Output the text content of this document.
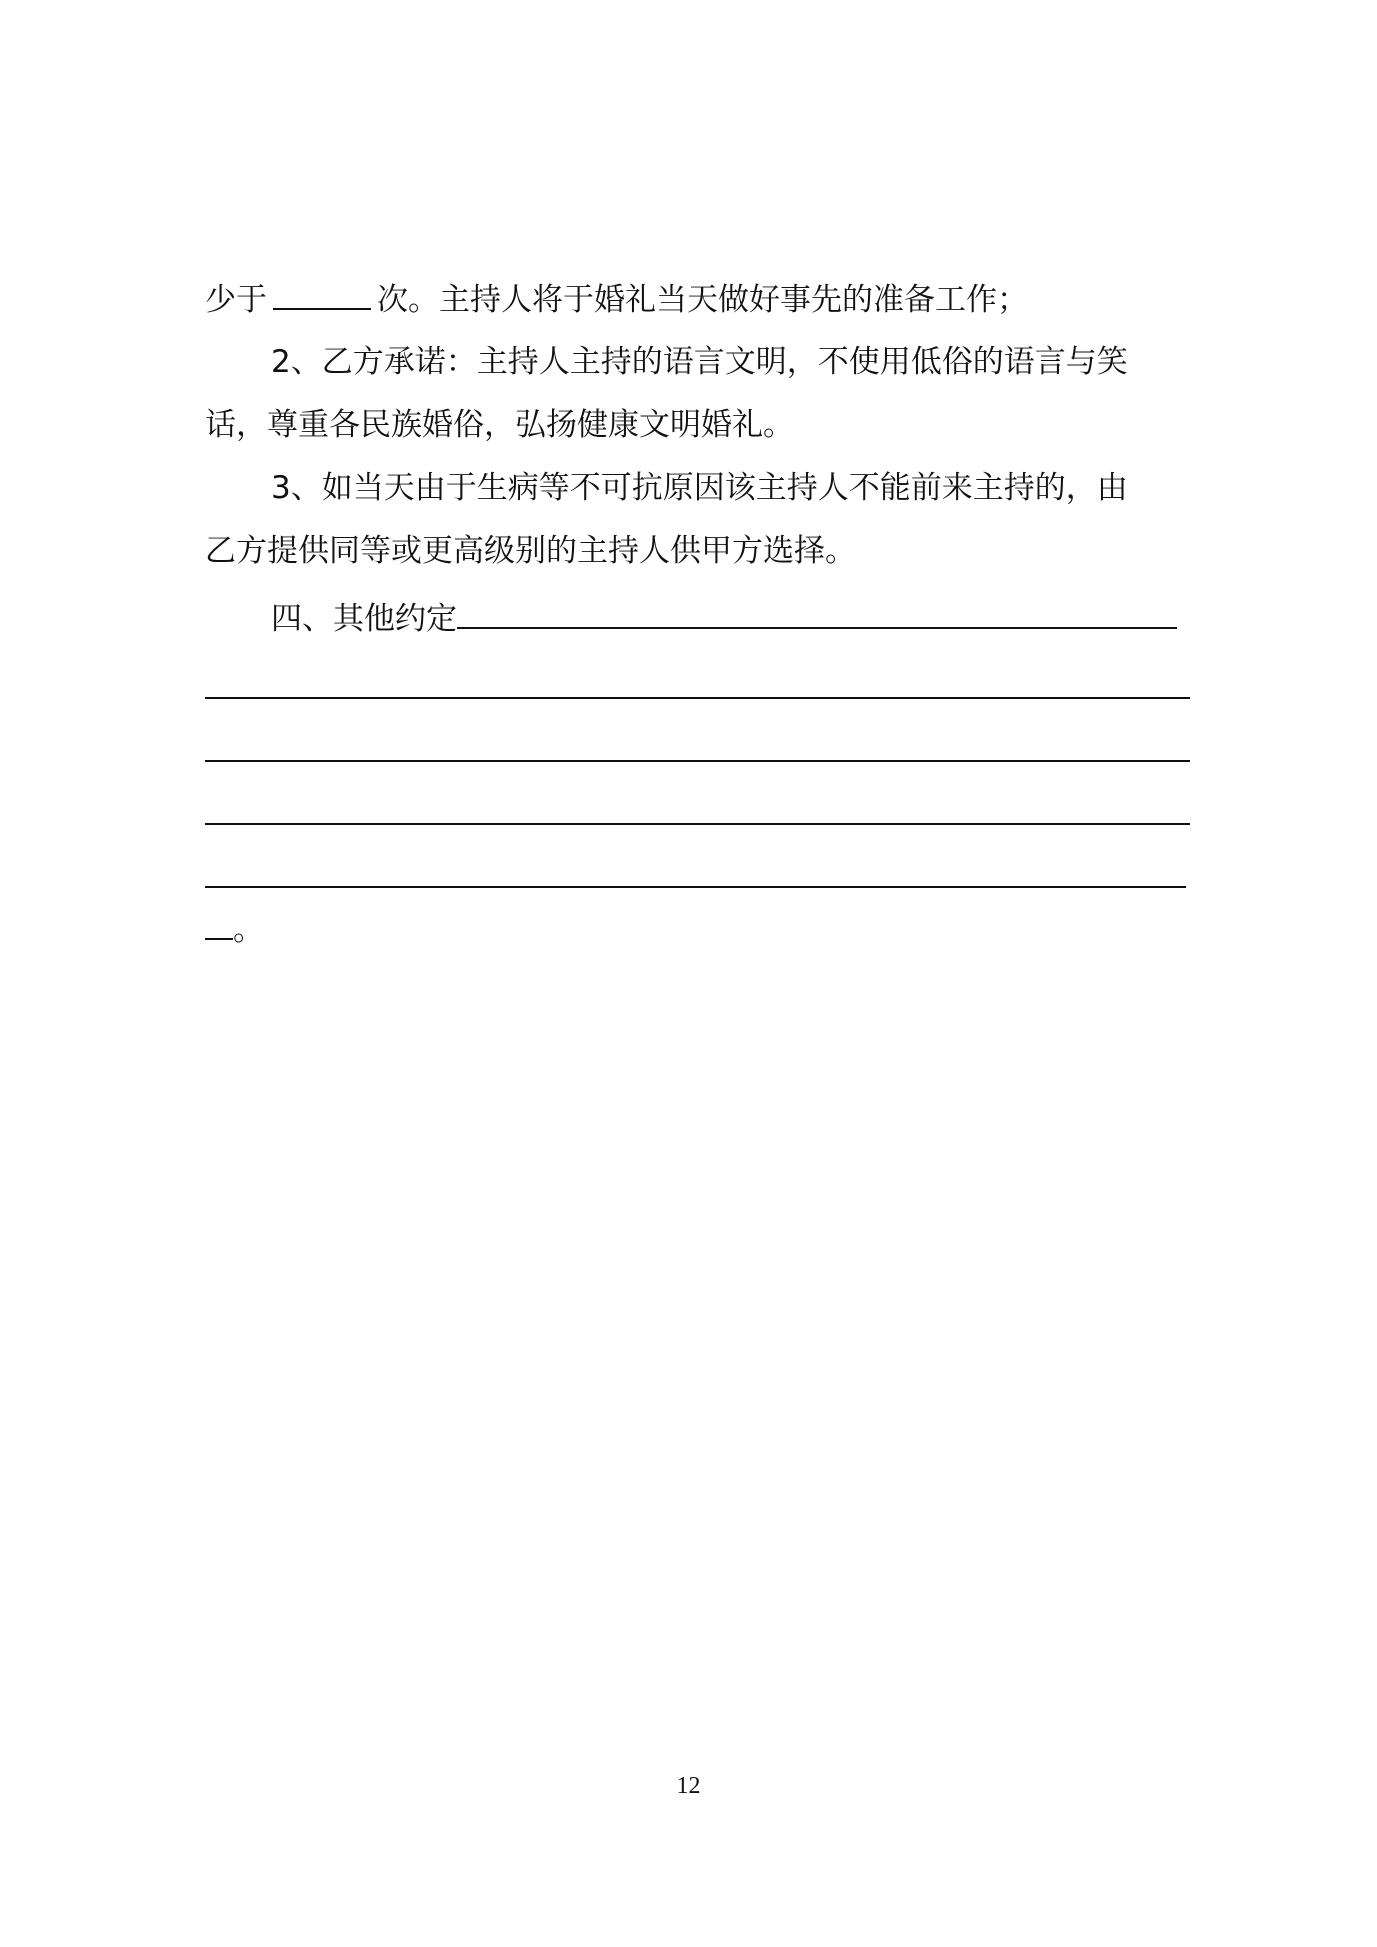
少于	次。主持人将于婚礼当天做好事先的准备工作；
2、乙方承诺：主持人主持的语言文明，不使用低俗的语言与笑
话，尊重各民族婚俗，弘扬健康文明婚礼。
3、如当天由于生病等不可抗原因该主持人不能前来主持的，由
乙方提供同等或更高级别的主持人供甲方选择。
四、其他约定
。
12
